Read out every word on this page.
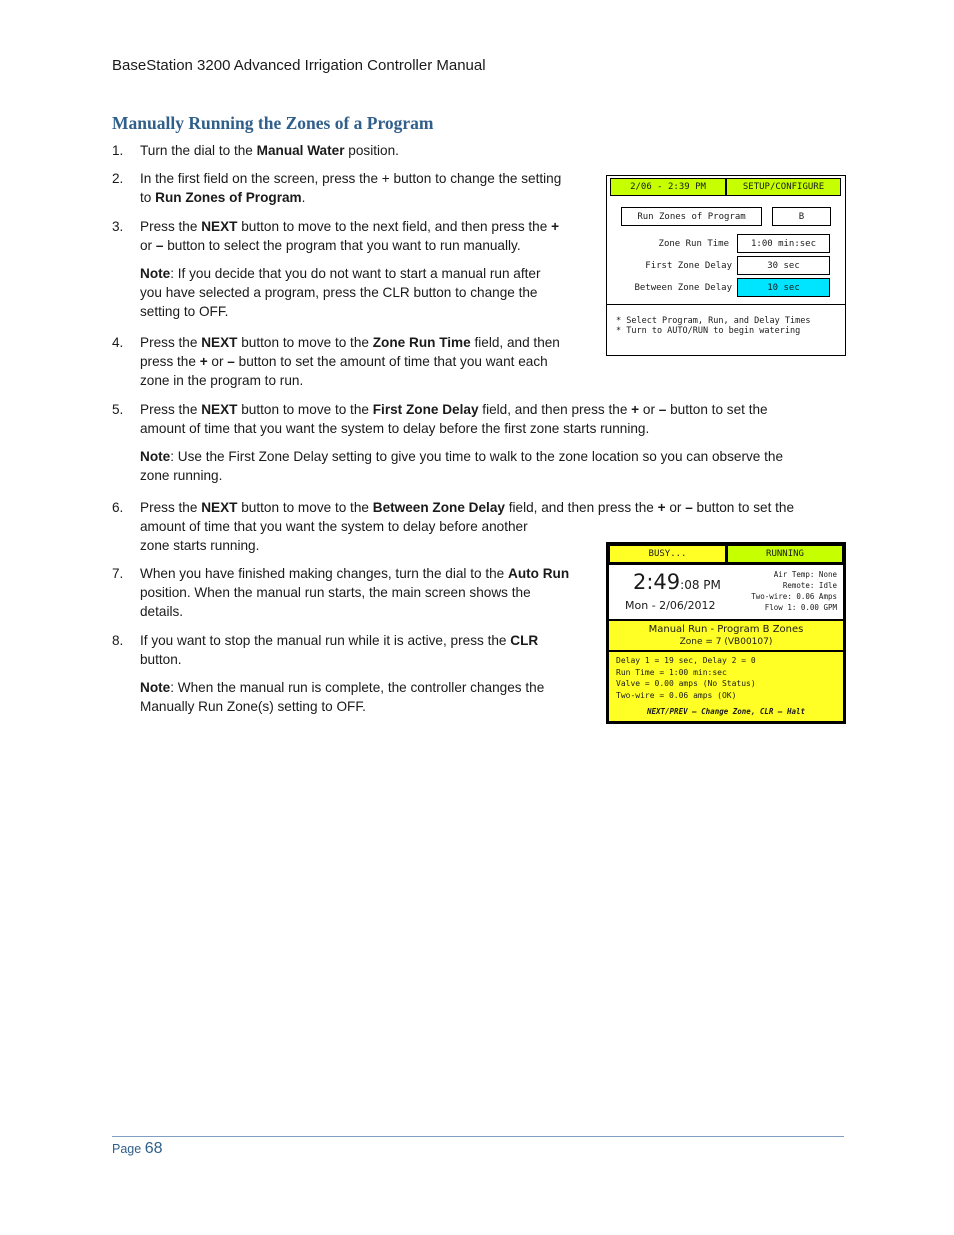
BaseStation 3200 Advanced Irrigation Controller Manual
Manually Running the Zones of a Program
1. Turn the dial to the Manual Water position.
2. In the first field on the screen, press the + button to change the setting
to Run Zones of Program.
3. Press the NEXT button to move to the next field, and then press the +
or – button to select the program that you want to run manually.
Note: If you decide that you do not want to start a manual run after
you have selected a program, press the CLR button to change the
setting to OFF.
4. Press the NEXT button to move to the Zone Run Time field, and then
press the + or – button to set the amount of time that you want each
zone in the program to run.
5. Press the NEXT button to move to the First Zone Delay field, and then press the + or – button to set the
amount of time that you want the system to delay before the first zone starts running.
Note: Use the First Zone Delay setting to give you time to walk to the zone location so you can observe the
zone running.
6. Press the NEXT button to move to the Between Zone Delay field, and then press the + or – button to set the
amount of time that you want the system to delay before another
zone starts running.
7. When you have finished making changes, turn the dial to the Auto Run
position. When the manual run starts, the main screen shows the
details.
8. If you want to stop the manual run while it is active, press the CLR
button.
Note: When the manual run is complete, the controller changes the
Manually Run Zone(s) setting to OFF.
2/06 - 2:39 PM	SETUP/CONFIGURE
Run Zones of Program	B
Zone Run Time	1:00 min:sec
First Zone Delay	30 sec
Between Zone Delay	10 sec
* Select Program, Run, and Delay Times
* Turn to AUTO/RUN to begin watering
BUSY...	RUNNING
2:49:08 PM
Mon - 2/06/2012
Air Temp: None
Remote: Idle
Two-wire: 0.06 Amps
Flow 1: 0.00 GPM
Manual Run - Program B Zones
Zone = 7 (VB00107)
Delay 1 = 19 sec, Delay 2 = 0
Run Time = 1:00 min:sec
Valve = 0.00 amps (No Status)
Two-wire = 0.06 amps (OK)
NEXT/PREV – Change Zone, CLR – Halt
Page 68
